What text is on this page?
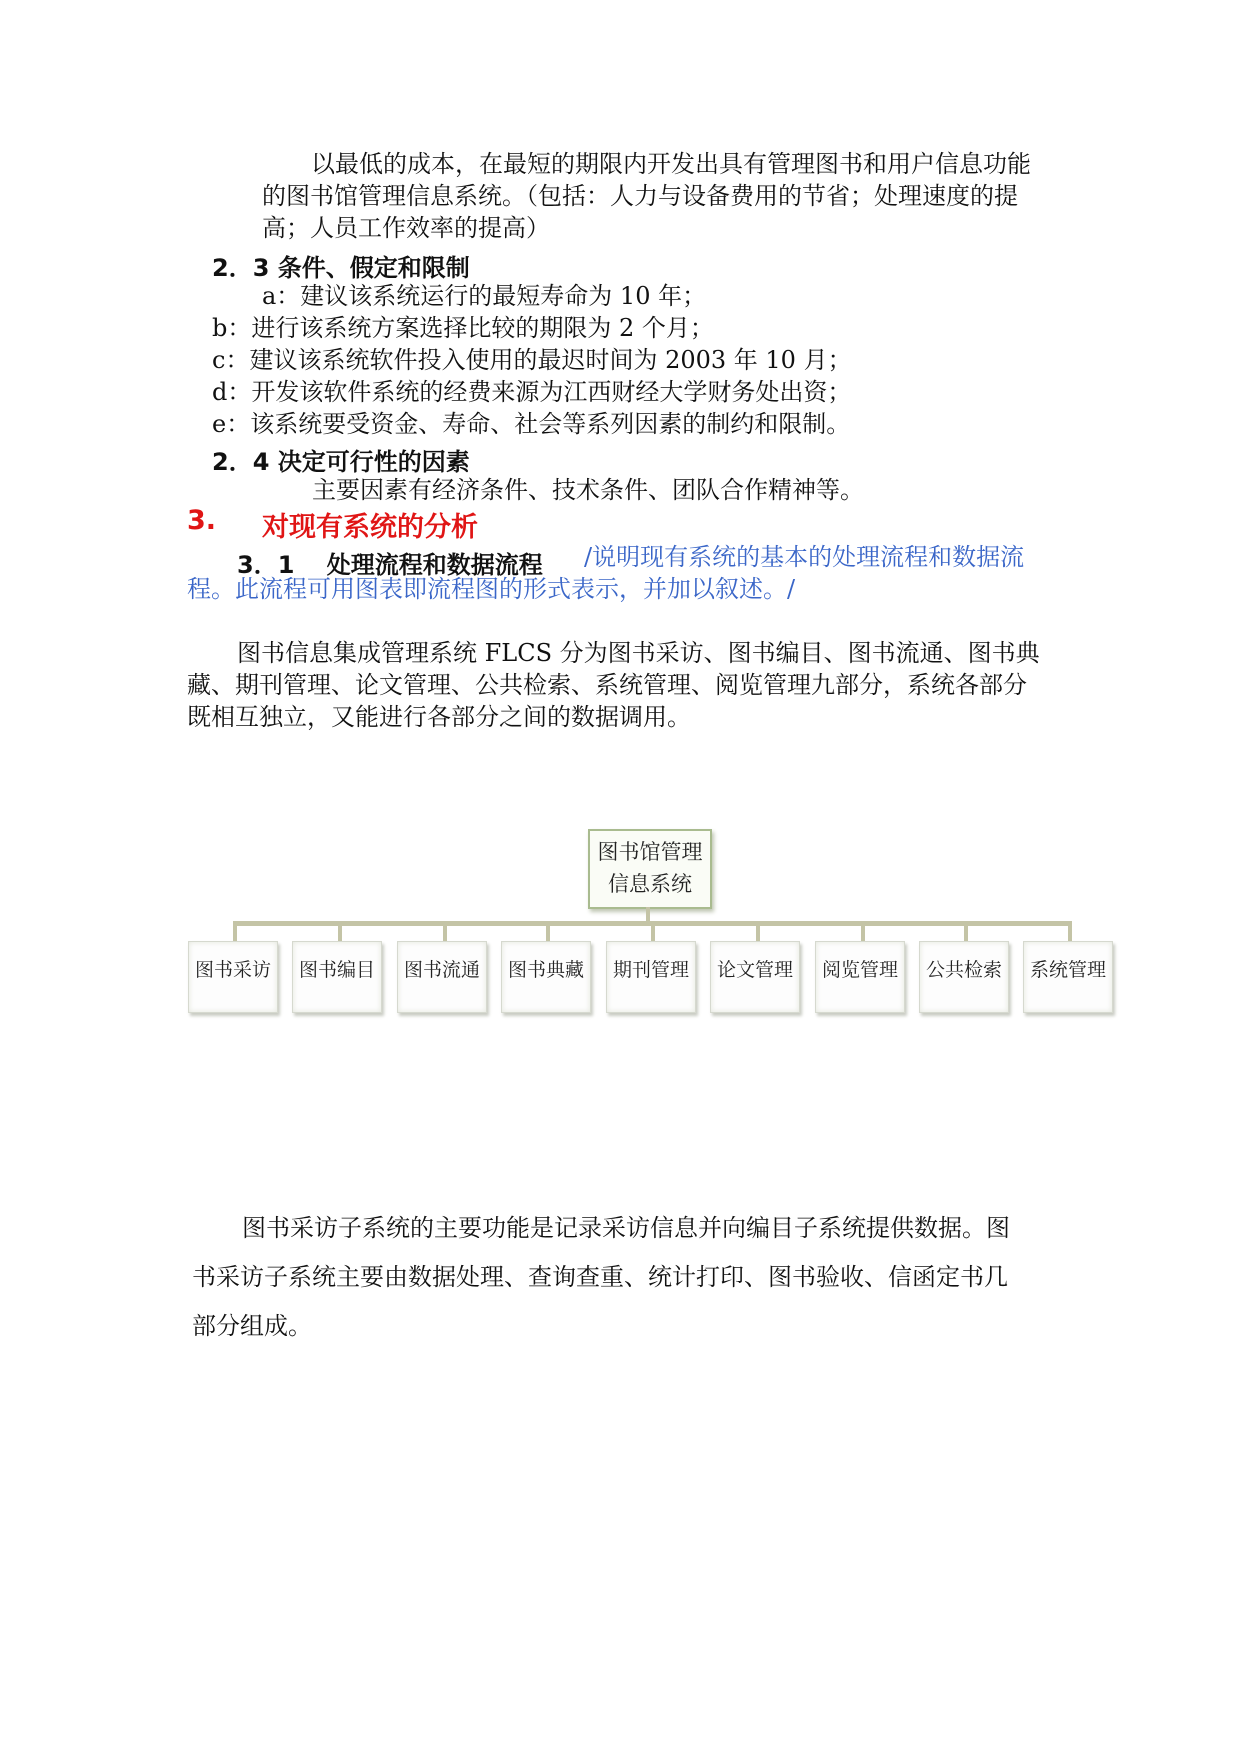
以最低的成本，在最短的期限内开发出具有管理图书和用户信息功能
的图书馆管理信息系统。（包括：人力与设备费用的节省；处理速度的提
高；人员工作效率的提高）
2．3 条件、假定和限制
a：建议该系统运行的最短寿命为 10 年；
b：进行该系统方案选择比较的期限为 2 个月；
c：建议该系统软件投入使用的最迟时间为 2003 年 10 月；
d：开发该软件系统的经费来源为江西财经大学财务处出资；
e：该系统要受资金、寿命、社会等系列因素的制约和限制。
2．4 决定可行性的因素
主要因素有经济条件、技术条件、团队合作精神等。
3. 对现有系统的分析
3．1　 处理流程和数据流程 /说明现有系统的基本的处理流程和数据流
程。此流程可用图表即流程图的形式表示，并加以叙述。/
图书信息集成管理系统 FLCS 分为图书采访、图书编目、图书流通、图书典
藏、期刊管理、论文管理、公共检索、系统管理、阅览管理九部分，系统各部分
既相互独立，又能进行各部分之间的数据调用。
图书馆管理
信息系统
图书采访	图书编目	图书流通	图书典藏	期刊管理	论文管理	阅览管理	公共检索	系统管理
图书采访子系统的主要功能是记录采访信息并向编目子系统提供数据。图
书采访子系统主要由数据处理、查询查重、统计打印、图书验收、信函定书几
部分组成。
